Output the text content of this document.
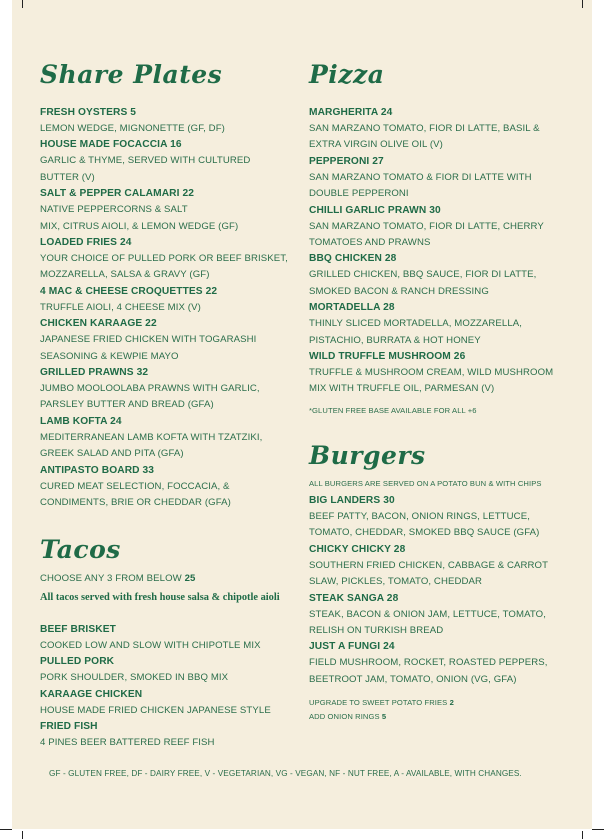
Share Plates
FRESH OYSTERS 5
LEMON WEDGE, MIGNONETTE (GF, DF)
HOUSE MADE FOCACCIA 16
GARLIC & THYME, SERVED WITH CULTURED BUTTER (V)
SALT & PEPPER CALAMARI 22
NATIVE PEPPERCORNS & SALT
MIX, CITRUS AIOLI, & LEMON WEDGE (GF)
LOADED FRIES 24
YOUR CHOICE OF PULLED PORK OR BEEF BRISKET,
MOZZARELLA, SALSA & GRAVY (GF)
4 MAC & CHEESE CROQUETTES 22
TRUFFLE AIOLI, 4 CHEESE MIX (V)
CHICKEN KARAAGE 22
JAPANESE FRIED CHICKEN WITH TOGARASHI
SEASONING & KEWPIE MAYO
GRILLED PRAWNS 32
JUMBO MOOLOOLABA PRAWNS WITH GARLIC,
PARSLEY BUTTER AND BREAD (GFA)
LAMB KOFTA 24
MEDITERRANEAN LAMB KOFTA WITH TZATZIKI,
GREEK SALAD AND PITA (GFA)
ANTIPASTO BOARD 33
CURED MEAT SELECTION, FOCCACIA, &
CONDIMENTS, BRIE OR CHEDDAR (GFA)
Tacos
CHOOSE ANY 3 FROM BELOW 25
All tacos served with fresh house salsa & chipotle aioli
BEEF BRISKET
COOKED LOW AND SLOW WITH CHIPOTLE MIX
PULLED PORK
PORK SHOULDER, SMOKED IN BBQ MIX
KARAAGE CHICKEN
HOUSE MADE FRIED CHICKEN JAPANESE STYLE
FRIED FISH
4 PINES BEER BATTERED REEF FISH
Pizza
MARGHERITA 24
SAN MARZANO TOMATO, FIOR DI LATTE, BASIL &
EXTRA VIRGIN OLIVE OIL (V)
PEPPERONI 27
SAN MARZANO TOMATO & FIOR DI LATTE WITH
DOUBLE PEPPERONI
CHILLI GARLIC PRAWN 30
SAN MARZANO TOMATO, FIOR DI LATTE, CHERRY
TOMATOES AND PRAWNS
BBQ CHICKEN 28
GRILLED CHICKEN, BBQ SAUCE, FIOR DI LATTE,
SMOKED BACON & RANCH DRESSING
MORTADELLA 28
THINLY SLICED MORTADELLA, MOZZARELLA,
PISTACHIO, BURRATA & HOT HONEY
WILD TRUFFLE MUSHROOM 26
TRUFFLE & MUSHROOM CREAM, WILD MUSHROOM
MIX WITH TRUFFLE OIL, PARMESAN (V)
*GLUTEN FREE BASE AVAILABLE FOR ALL +6
Burgers
ALL BURGERS ARE SERVED ON A POTATO BUN & WITH CHIPS
BIG LANDERS 30
BEEF PATTY, BACON, ONION RINGS, LETTUCE,
TOMATO, CHEDDAR, SMOKED BBQ SAUCE (GFA)
CHICKY CHICKY 28
SOUTHERN FRIED CHICKEN, CABBAGE & CARROT
SLAW, PICKLES, TOMATO, CHEDDAR
STEAK SANGA 28
STEAK, BACON & ONION JAM, LETTUCE, TOMATO,
RELISH ON TURKISH BREAD
JUST A FUNGI 24
FIELD MUSHROOM, ROCKET, ROASTED PEPPERS,
BEETROOT JAM, TOMATO, ONION (VG, GFA)
UPGRADE TO SWEET POTATO FRIES 2
ADD ONION RINGS 5
GF - GLUTEN FREE, DF - DAIRY FREE, V - VEGETARIAN, VG - VEGAN, NF - NUT FREE, A - AVAILABLE, WITH CHANGES.
